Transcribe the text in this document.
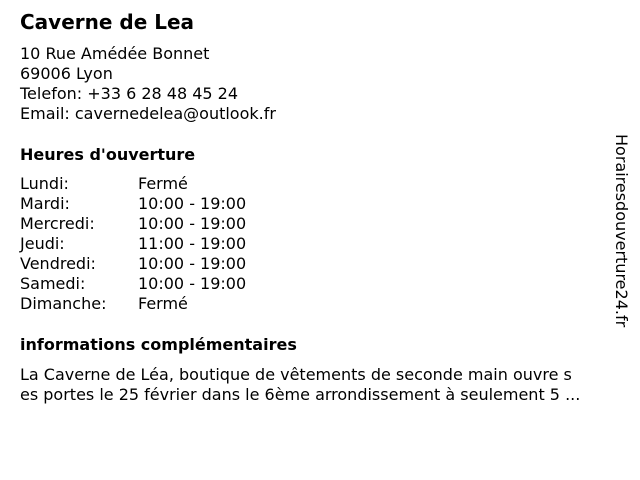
Caverne de Lea
10 Rue Amédée Bonnet
69006 Lyon
Telefon: +33 6 28 48 45 24
Email: cavernedelea@outlook.fr
Heures d'ouverture
Lundi:	Fermé
Mardi:	10:00 - 19:00
Mercredi:	10:00 - 19:00
Jeudi:	11:00 - 19:00
Vendredi:	10:00 - 19:00
Samedi:	10:00 - 19:00
Dimanche:	Fermé
informations complémentaires
La Caverne de Léa, boutique de vêtements de seconde main ouvre s
es portes le 25 février dans le 6ème arrondissement à seulement 5 ...
Horairesdouverture24.fr
